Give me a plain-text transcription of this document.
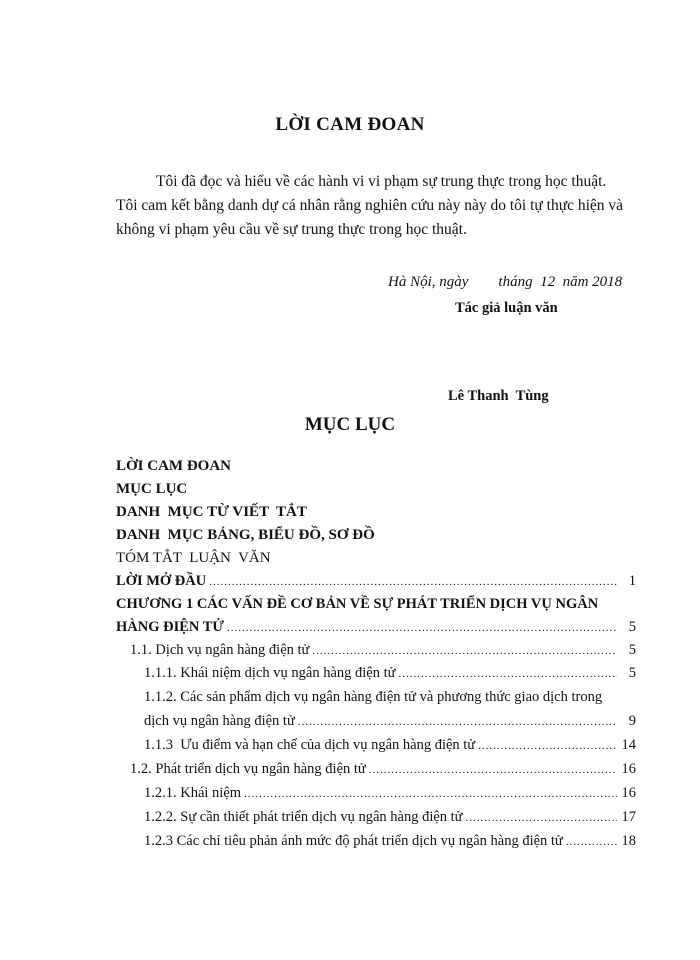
LỜI CAM ĐOAN
Tôi đã đọc và hiểu về các hành vi vi phạm sự trung thực trong học thuật.
Tôi cam kết bằng danh dự cá nhân rằng nghiên cứu này này do tôi tự thực hiện và
không vi phạm yêu cầu về sự trung thực trong học thuật.
Hà Nội, ngày        tháng  12  năm 2018
Tác giả luận văn
Lê Thanh  Tùng
MỤC LỤC
LỜI CAM ĐOAN
MỤC LỤC
DANH  MỤC TỪ VIẾT  TẮT
DANH  MỤC BẢNG, BIỂU ĐỒ, SƠ ĐỒ
TÓM TẮT  LUẬN  VĂN
LỜI MỞ ĐẦU .....	1
CHƯƠNG 1 CÁC VẤN ĐỀ CƠ BẢN VỀ SỰ PHÁT TRIỂN DỊCH VỤ NGÂN
HÀNG ĐIỆN TỬ .....	5
1.1. Dịch vụ ngân hàng điện tử .....	5
1.1.1. Khái niệm dịch vụ ngân hàng điện tử .....	5
1.1.2. Các sản phẩm dịch vụ ngân hàng điện tử và phương thức giao dịch trong
dịch vụ ngân hàng điện tử .....	9
1.1.3  Ưu điểm và hạn chế của dịch vụ ngân hàng điện tử .....	14
1.2. Phát triển dịch vụ ngân hàng điện tử .....	16
1.2.1. Khái niệm .....	16
1.2.2. Sự cần thiết phát triển dịch vụ ngân hàng điện tử .....	17
1.2.3 Các chỉ tiêu phản ánh mức độ phát triển dịch vụ ngân hàng điện tử .....	18
